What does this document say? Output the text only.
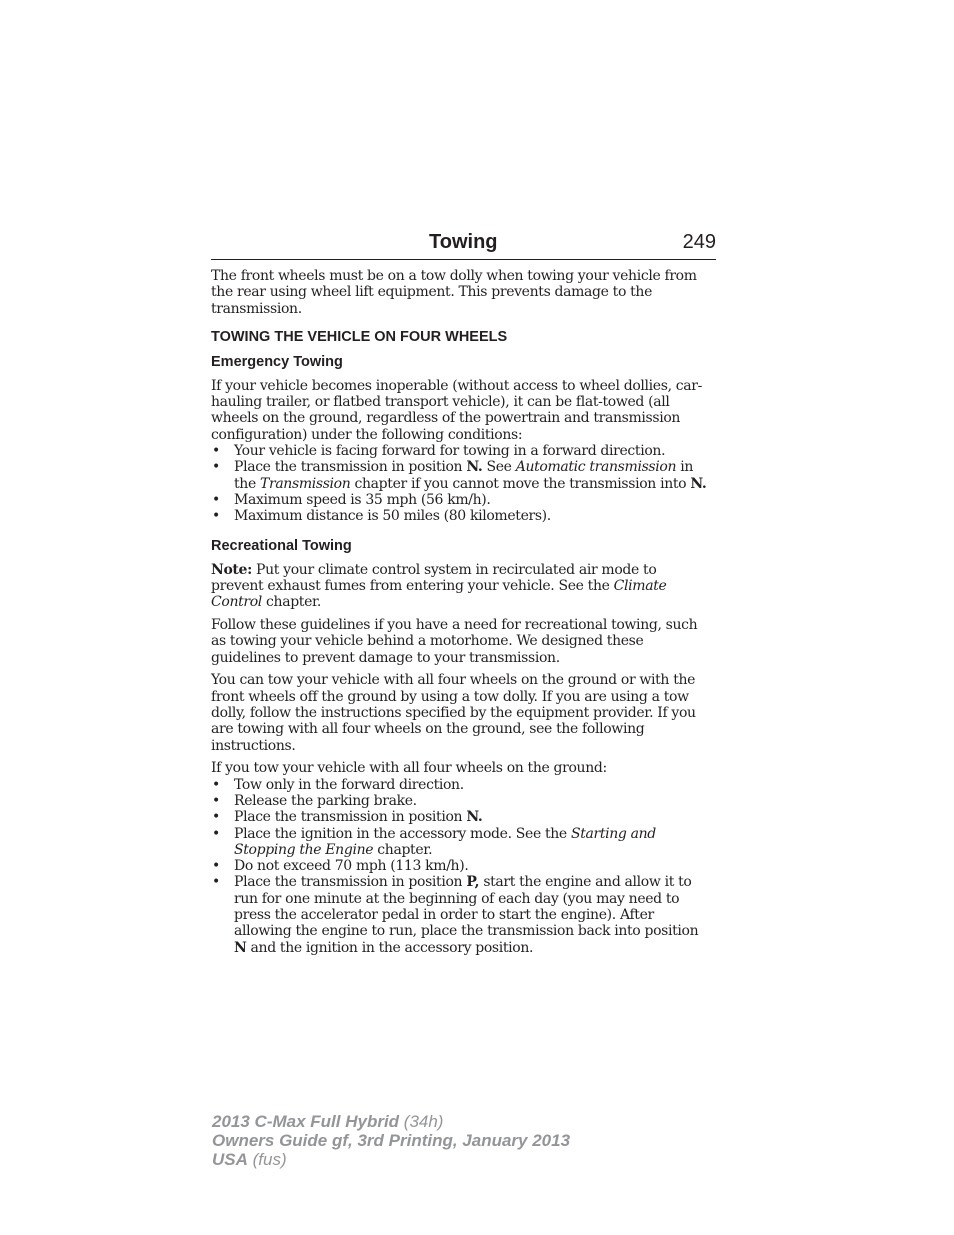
Towing	249

The front wheels must be on a tow dolly when towing your vehicle from the rear using wheel lift equipment. This prevents damage to the transmission.

TOWING THE VEHICLE ON FOUR WHEELS
Emergency Towing

If your vehicle becomes inoperable (without access to wheel dollies, car-hauling trailer, or flatbed transport vehicle), it can be flat-towed (all wheels on the ground, regardless of the powertrain and transmission configuration) under the following conditions:

• Your vehicle is facing forward for towing in a forward direction.
• Place the transmission in position N. See Automatic transmission in the Transmission chapter if you cannot move the transmission into N.
• Maximum speed is 35 mph (56 km/h).
• Maximum distance is 50 miles (80 kilometers).
Recreational Towing

Note: Put your climate control system in recirculated air mode to prevent exhaust fumes from entering your vehicle. See the Climate Control chapter.

Follow these guidelines if you have a need for recreational towing, such as towing your vehicle behind a motorhome. We designed these guidelines to prevent damage to your transmission.

You can tow your vehicle with all four wheels on the ground or with the front wheels off the ground by using a tow dolly. If you are using a tow dolly, follow the instructions specified by the equipment provider. If you are towing with all four wheels on the ground, see the following instructions.

If you tow your vehicle with all four wheels on the ground:

• Tow only in the forward direction.
• Release the parking brake.
• Place the transmission in position N.
• Place the ignition in the accessory mode. See the Starting and Stopping the Engine chapter.
• Do not exceed 70 mph (113 km/h).
• Place the transmission in position P, start the engine and allow it to run for one minute at the beginning of each day (you may need to press the accelerator pedal in order to start the engine). After allowing the engine to run, place the transmission back into position N and the ignition in the accessory position.
2013 C-Max Full Hybrid (34h)
Owners Guide gf, 3rd Printing, January 2013
USA (fus)
